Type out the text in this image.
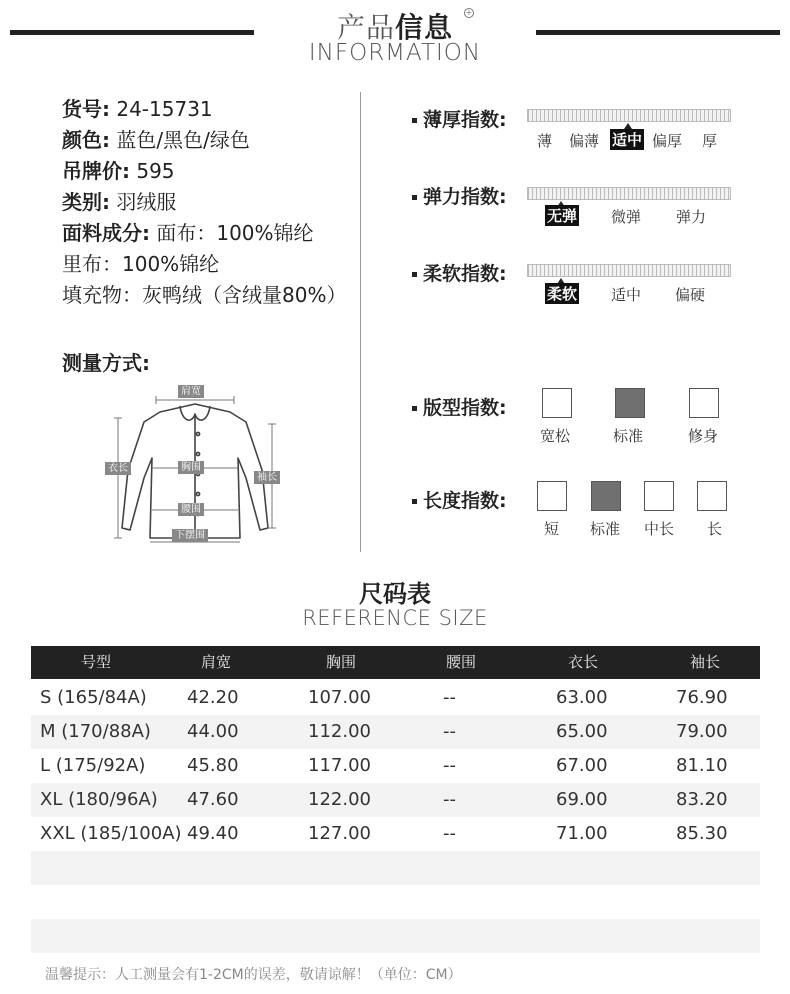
产品信息	+
INFORMATION
货号: 24-15731
颜色: 蓝色/黑色/绿色
吊牌价: 595
类别: 羽绒服
面料成分: 面布：100%锦纶
里布：100%锦纶
填充物：灰鸭绒（含绒量80%）
测量方式:
肩宽
胸围
腰围
下摆围
衣长
袖长
薄厚指数:
薄 偏薄 适中 偏厚 厚
弹力指数:
无弹 微弹 弹力
柔软指数:
柔软 适中 偏硬
版型指数:
宽松	标准	修身
长度指数:
短 标准 中长 长
尺码表
REFERENCE SIZE
号型	肩宽	胸围	腰围	衣长	袖长
S (165/84A) 42.20	107.00	--	63.00	76.90
M (170/88A) 44.00	112.00	--	65.00	79.00
L (175/92A) 45.80	117.00	--	67.00	81.10
XL (180/96A) 47.60	122.00	--	69.00	83.20
XXL (185/100A) 49.40	127.00	--	71.00	85.30
温馨提示：人工测量会有1-2CM的误差，敬请谅解！（单位：CM）
